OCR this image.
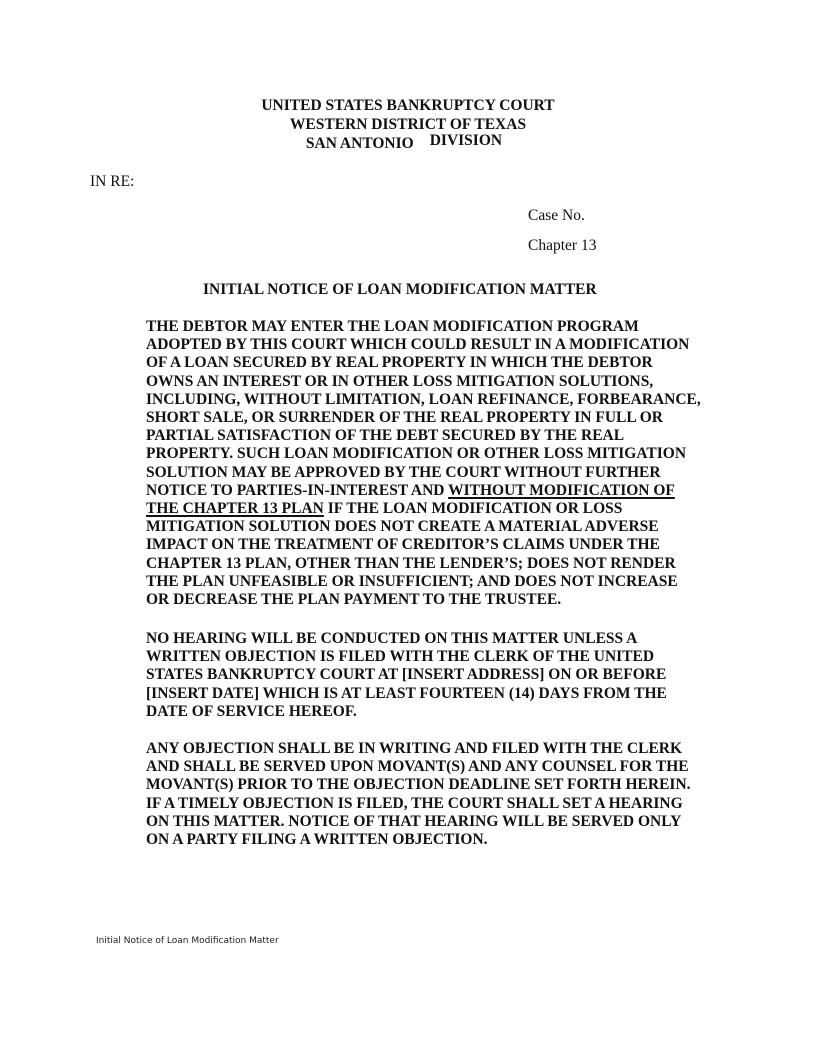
UNITED STATES BANKRUPTCY COURT
WESTERN DISTRICT OF TEXAS
SAN ANTONIO DIVISION
IN RE:
Case No.
Chapter 13
INITIAL NOTICE OF LOAN MODIFICATION MATTER
THE DEBTOR MAY ENTER THE LOAN MODIFICATION PROGRAM
ADOPTED BY THIS COURT WHICH COULD RESULT IN A MODIFICATION
OF A LOAN SECURED BY REAL PROPERTY IN WHICH THE DEBTOR
OWNS AN INTEREST OR IN OTHER LOSS MITIGATION SOLUTIONS,
INCLUDING, WITHOUT LIMITATION, LOAN REFINANCE, FORBEARANCE,
SHORT SALE, OR SURRENDER OF THE REAL PROPERTY IN FULL OR
PARTIAL SATISFACTION OF THE DEBT SECURED BY THE REAL
PROPERTY. SUCH LOAN MODIFICATION OR OTHER LOSS MITIGATION
SOLUTION MAY BE APPROVED BY THE COURT WITHOUT FURTHER
NOTICE TO PARTIES-IN-INTEREST AND WITHOUT MODIFICATION OF
THE CHAPTER 13 PLAN IF THE LOAN MODIFICATION OR LOSS
MITIGATION SOLUTION DOES NOT CREATE A MATERIAL ADVERSE
IMPACT ON THE TREATMENT OF CREDITOR’S CLAIMS UNDER THE
CHAPTER 13 PLAN, OTHER THAN THE LENDER’S; DOES NOT RENDER
THE PLAN UNFEASIBLE OR INSUFFICIENT; AND DOES NOT INCREASE
OR DECREASE THE PLAN PAYMENT TO THE TRUSTEE.
NO HEARING WILL BE CONDUCTED ON THIS MATTER UNLESS A
WRITTEN OBJECTION IS FILED WITH THE CLERK OF THE UNITED
STATES BANKRUPTCY COURT AT [INSERT ADDRESS] ON OR BEFORE
[INSERT DATE] WHICH IS AT LEAST FOURTEEN (14) DAYS FROM THE
DATE OF SERVICE HEREOF.
ANY OBJECTION SHALL BE IN WRITING AND FILED WITH THE CLERK
AND SHALL BE SERVED UPON MOVANT(S) AND ANY COUNSEL FOR THE
MOVANT(S) PRIOR TO THE OBJECTION DEADLINE SET FORTH HEREIN.
IF A TIMELY OBJECTION IS FILED, THE COURT SHALL SET A HEARING
ON THIS MATTER. NOTICE OF THAT HEARING WILL BE SERVED ONLY
ON A PARTY FILING A WRITTEN OBJECTION.
Initial Notice of Loan Modification Matter
